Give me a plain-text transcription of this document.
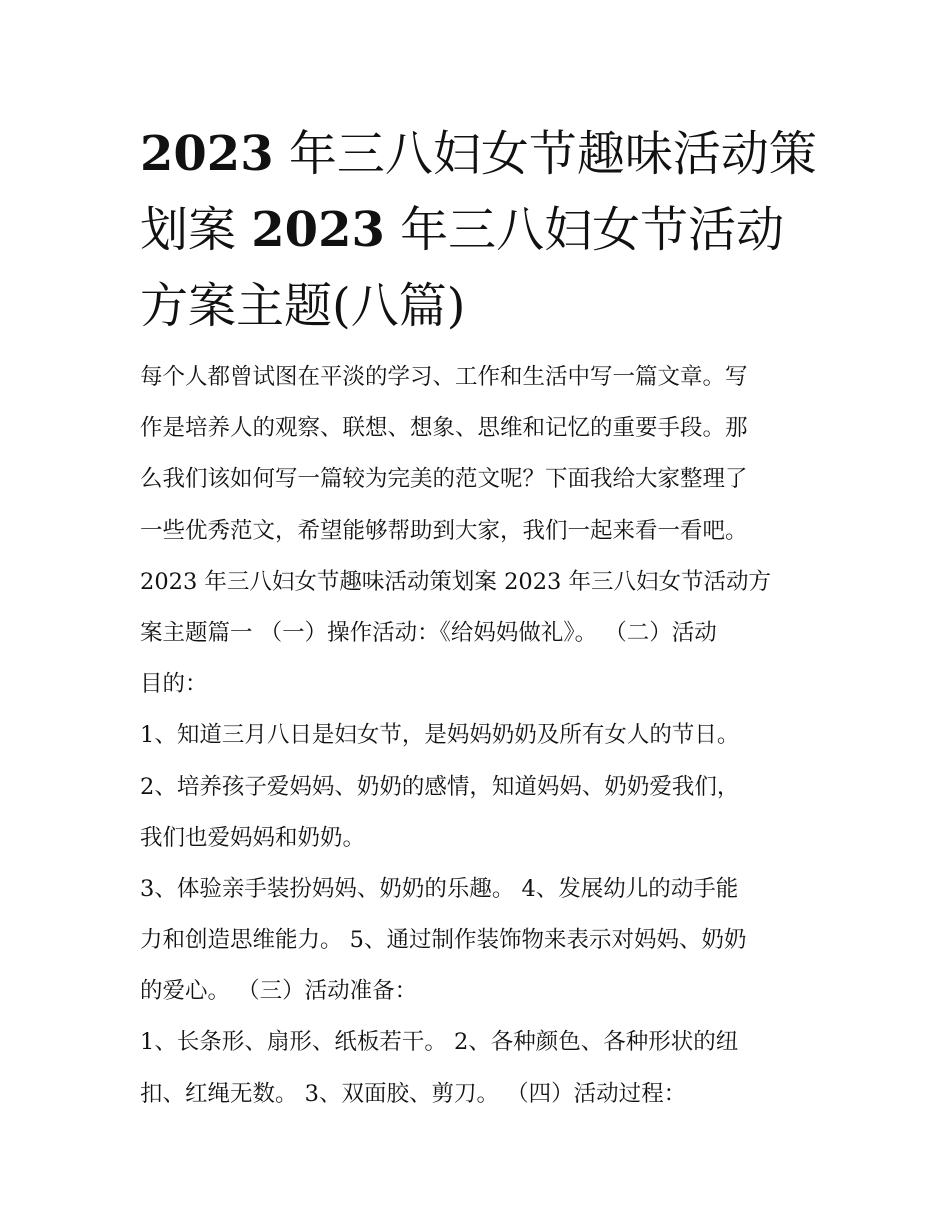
2023 年三八妇女节趣味活动策
划案 2023 年三八妇女节活动
方案主题(八篇)
每个人都曾试图在平淡的学习、工作和生活中写一篇文章。写
作是培养人的观察、联想、想象、思维和记忆的重要手段。那
么我们该如何写一篇较为完美的范文呢？下面我给大家整理了
一些优秀范文，希望能够帮助到大家，我们一起来看一看吧。
2023 年三八妇女节趣味活动策划案 2023 年三八妇女节活动方
案主题篇一 （一）操作活动：《给妈妈做礼》。 （二）活动
目的：
1、知道三月八日是妇女节，是妈妈奶奶及所有女人的节日。
2、培养孩子爱妈妈、奶奶的感情，知道妈妈、奶奶爱我们，
我们也爱妈妈和奶奶。
3、体验亲手装扮妈妈、奶奶的乐趣。 4、发展幼儿的动手能
力和创造思维能力。 5、通过制作装饰物来表示对妈妈、奶奶
的爱心。 （三）活动准备：
1、长条形、扇形、纸板若干。 2、各种颜色、各种形状的纽
扣、红绳无数。 3、双面胶、剪刀。 （四）活动过程：
